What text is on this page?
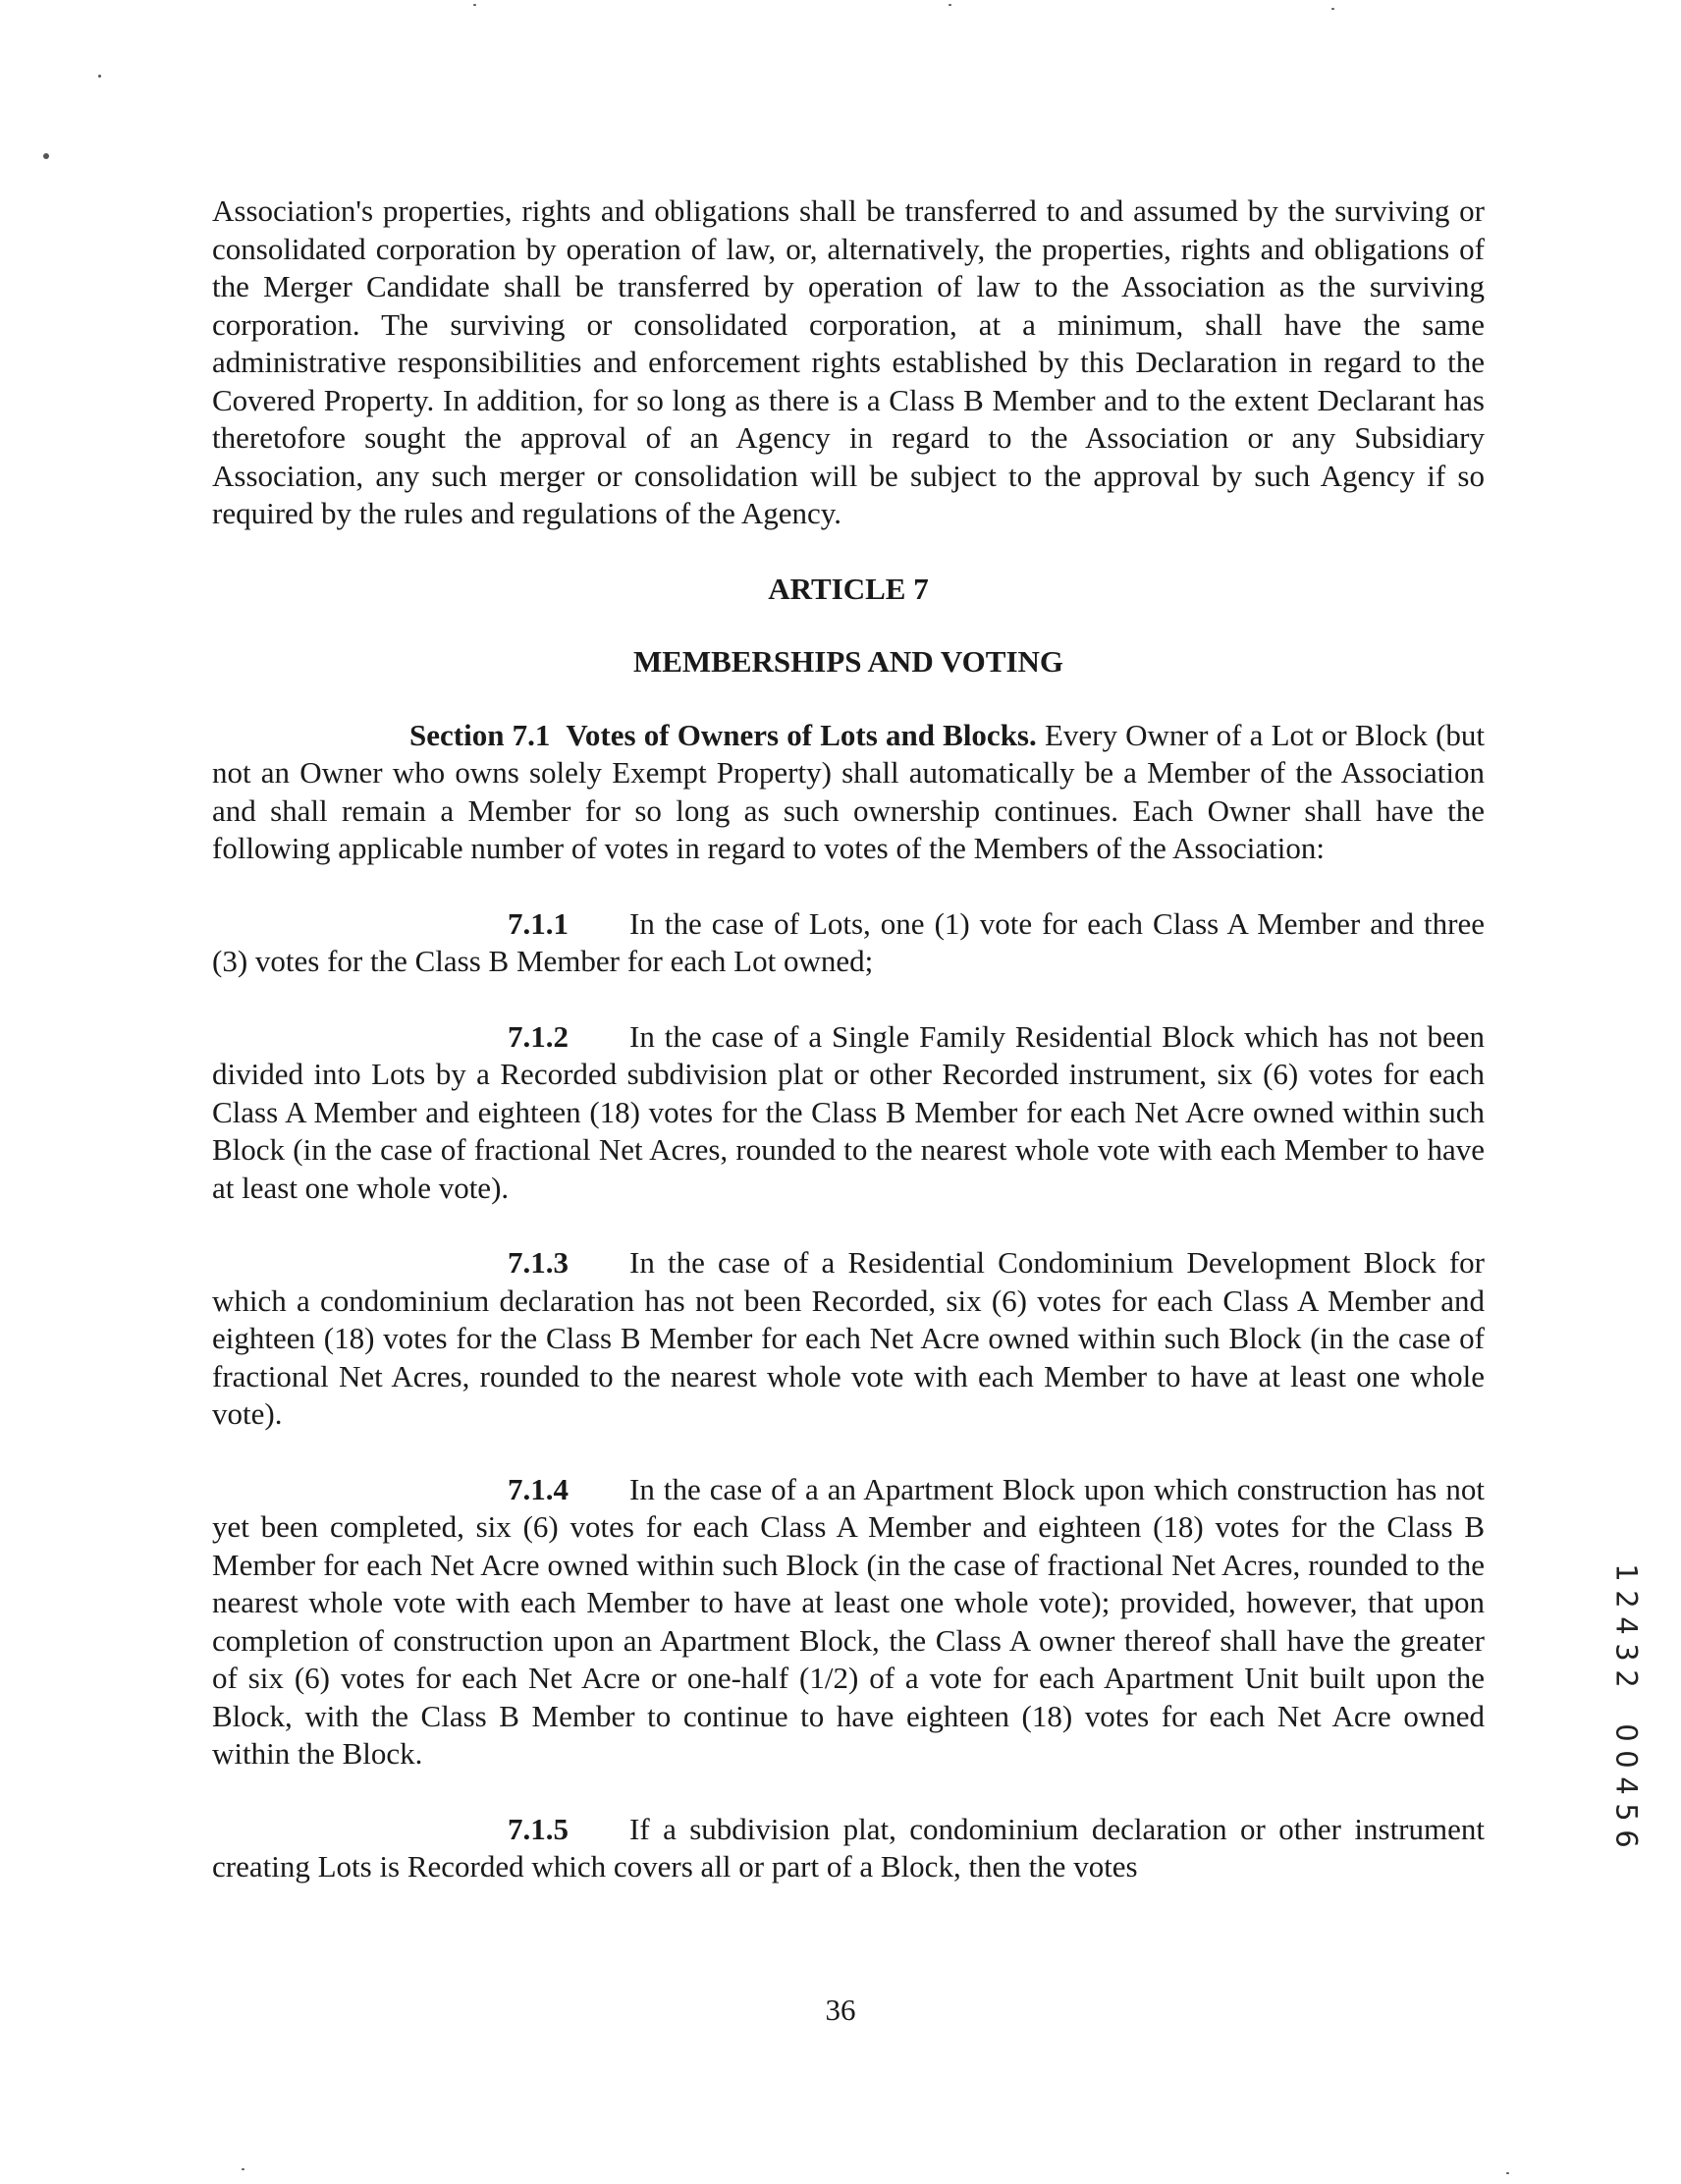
Association's properties, rights and obligations shall be transferred to and assumed by the surviving or consolidated corporation by operation of law, or, alternatively, the properties, rights and obligations of the Merger Candidate shall be transferred by operation of law to the Association as the surviving corporation. The surviving or consolidated corporation, at a minimum, shall have the same administrative responsibilities and enforcement rights established by this Declaration in regard to the Covered Property. In addition, for so long as there is a Class B Member and to the extent Declarant has theretofore sought the approval of an Agency in regard to the Association or any Subsidiary Association, any such merger or consolidation will be subject to the approval by such Agency if so required by the rules and regulations of the Agency.

ARTICLE 7

MEMBERSHIPS AND VOTING

Section 7.1 Votes of Owners of Lots and Blocks. Every Owner of a Lot or Block (but not an Owner who owns solely Exempt Property) shall automatically be a Member of the Association and shall remain a Member for so long as such ownership continues. Each Owner shall have the following applicable number of votes in regard to votes of the Members of the Association:

7.1.1 In the case of Lots, one (1) vote for each Class A Member and three (3) votes for the Class B Member for each Lot owned;

7.1.2 In the case of a Single Family Residential Block which has not been divided into Lots by a Recorded subdivision plat or other Recorded instrument, six (6) votes for each Class A Member and eighteen (18) votes for the Class B Member for each Net Acre owned within such Block (in the case of fractional Net Acres, rounded to the nearest whole vote with each Member to have at least one whole vote).

7.1.3 In the case of a Residential Condominium Development Block for which a condominium declaration has not been Recorded, six (6) votes for each Class A Member and eighteen (18) votes for the Class B Member for each Net Acre owned within such Block (in the case of fractional Net Acres, rounded to the nearest whole vote with each Member to have at least one whole vote).

7.1.4 In the case of a an Apartment Block upon which construction has not yet been completed, six (6) votes for each Class A Member and eighteen (18) votes for the Class B Member for each Net Acre owned within such Block (in the case of fractional Net Acres, rounded to the nearest whole vote with each Member to have at least one whole vote); provided, however, that upon completion of construction upon an Apartment Block, the Class A owner thereof shall have the greater of six (6) votes for each Net Acre or one-half (1/2) of a vote for each Apartment Unit built upon the Block, with the Class B Member to continue to have eighteen (18) votes for each Net Acre owned within the Block.

7.1.5 If a subdivision plat, condominium declaration or other instrument creating Lots is Recorded which covers all or part of a Block, then the votes

36
1
2
4
3
2
0
0
4
5
6
